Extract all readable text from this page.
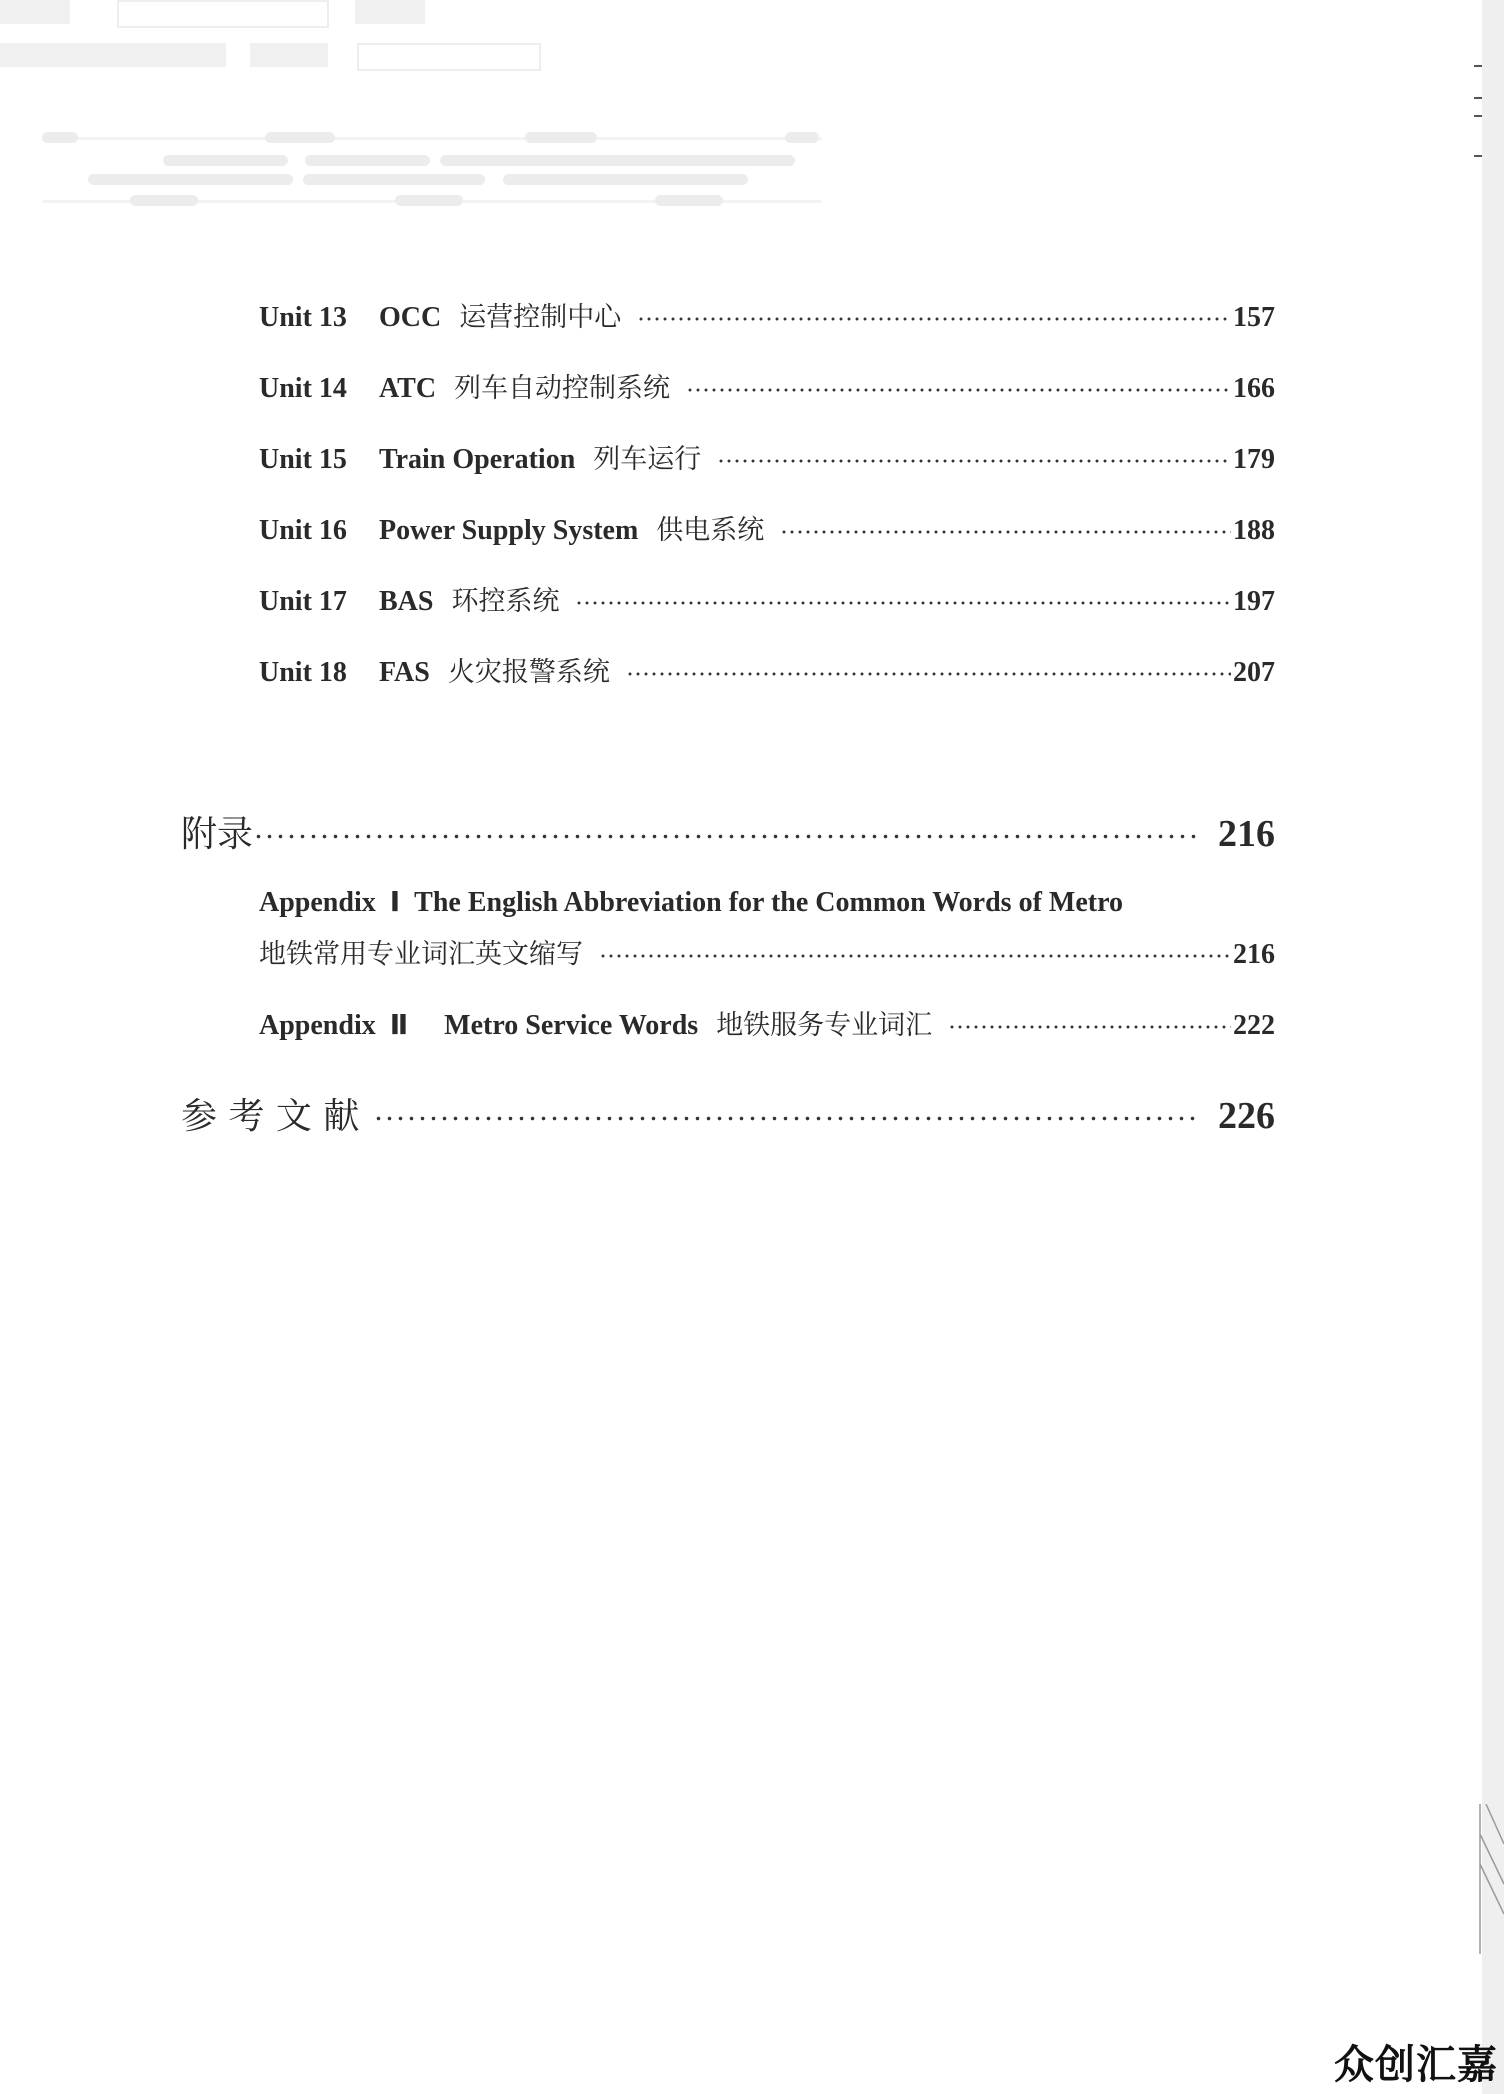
Unit 13	OCC 运营控制中心	157
Unit 14	ATC 列车自动控制系统	166
Unit 15	Train Operation 列车运行	179
Unit 16	Power Supply System 供电系统	188
Unit 17	BAS 环控系统	197
Unit 18	FAS 火灾报警系统	207
附录	216
Appendix Ⅰ The English Abbreviation for the Common Words of Metro
地铁常用专业词汇英文缩写	216
Appendix Ⅱ Metro Service Words 地铁服务专业词汇	222
参 考 文 献	226
众创汇嘉
